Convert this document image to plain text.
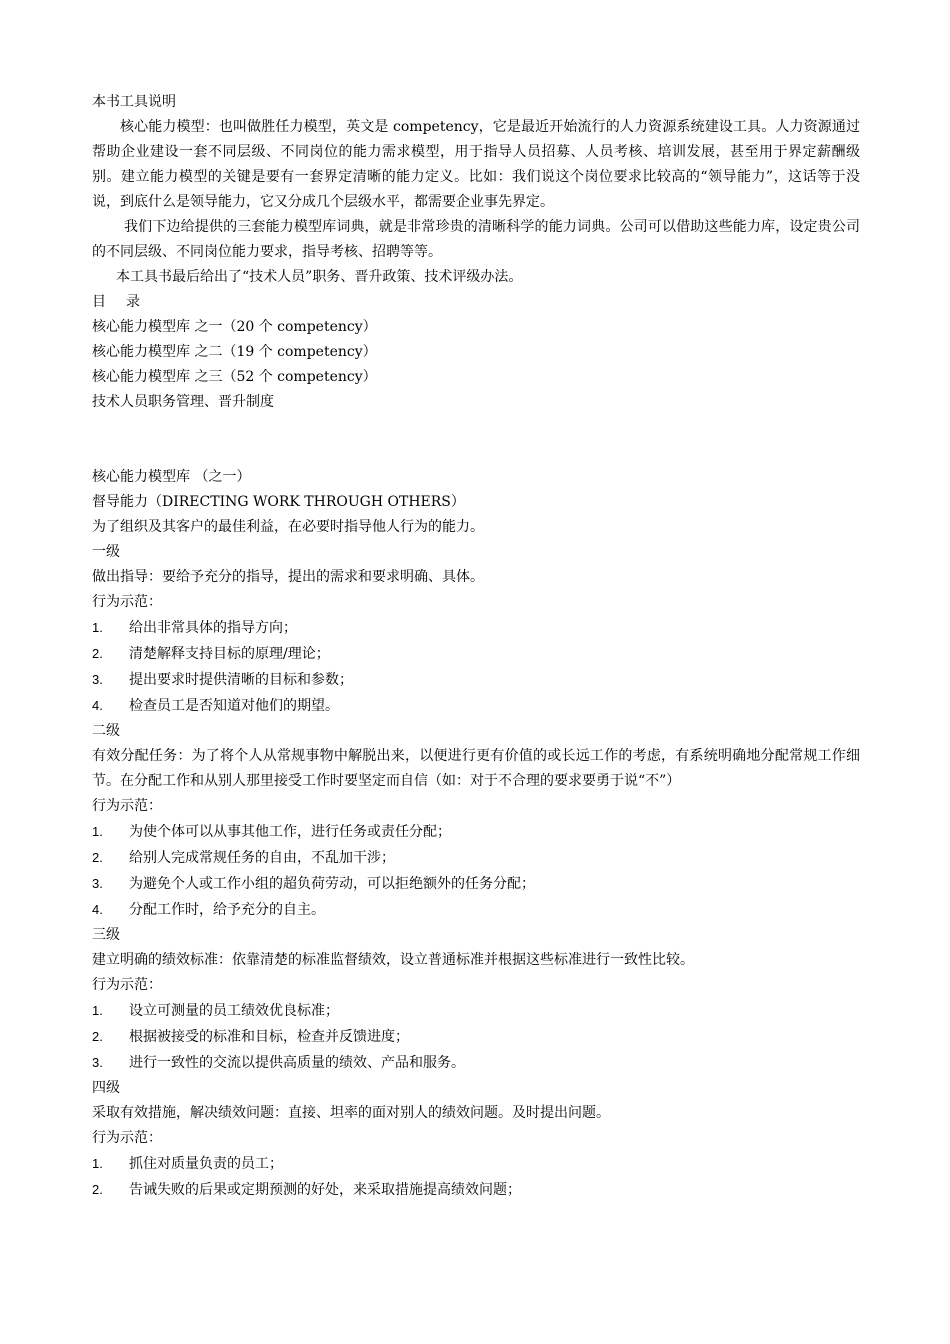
本书工具说明

核心能力模型：也叫做胜任力模型，英文是 competency，它是最近开始流行的人力资源系统建设工具。人力资源通过帮助企业建设一套不同层级、不同岗位的能力需求模型，用于指导人员招募、人员考核、培训发展，甚至用于界定薪酬级别。建立能力模型的关键是要有一套界定清晰的能力定义。比如：我们说这个岗位要求比较高的“领导能力”，这话等于没说，到底什么是领导能力，它又分成几个层级水平，都需要企业事先界定。

我们下边给提供的三套能力模型库词典，就是非常珍贵的清晰科学的能力词典。公司可以借助这些能力库，设定贵公司的不同层级、不同岗位能力要求，指导考核、招聘等等。

本工具书最后给出了“技术人员”职务、晋升政策、技术评级办法。

目 录

核心能力模型库 之一（20 个 competency）

核心能力模型库 之二（19 个 competency）

核心能力模型库 之三（52 个 competency）

技术人员职务管理、晋升制度

核心能力模型库 （之一）

督导能力（DIRECTING WORK THROUGH OTHERS）

为了组织及其客户的最佳利益，在必要时指导他人行为的能力。

一级

做出指导：要给予充分的指导，提出的需求和要求明确、具体。

行为示范：

1. 给出非常具体的指导方向；

2. 清楚解释支持目标的原理/理论；

3. 提出要求时提供清晰的目标和参数；

4. 检查员工是否知道对他们的期望。

二级

有效分配任务：为了将个人从常规事物中解脱出来，以便进行更有价值的或长远工作的考虑，有系统明确地分配常规工作细节。在分配工作和从别人那里接受工作时要坚定而自信（如：对于不合理的要求要勇于说“不”）

行为示范：

1. 为使个体可以从事其他工作，进行任务或责任分配；

2. 给别人完成常规任务的自由，不乱加干涉；

3. 为避免个人或工作小组的超负荷劳动，可以拒绝额外的任务分配；

4. 分配工作时，给予充分的自主。

三级

建立明确的绩效标准：依靠清楚的标准监督绩效，设立普通标准并根据这些标准进行一致性比较。

行为示范：

1. 设立可测量的员工绩效优良标准；

2. 根据被接受的标准和目标，检查并反馈进度；

3. 进行一致性的交流以提供高质量的绩效、产品和服务。

四级

采取有效措施，解决绩效问题：直接、坦率的面对别人的绩效问题。及时提出问题。

行为示范：

1. 抓住对质量负责的员工；

2. 告诫失败的后果或定期预测的好处，来采取措施提高绩效问题；
